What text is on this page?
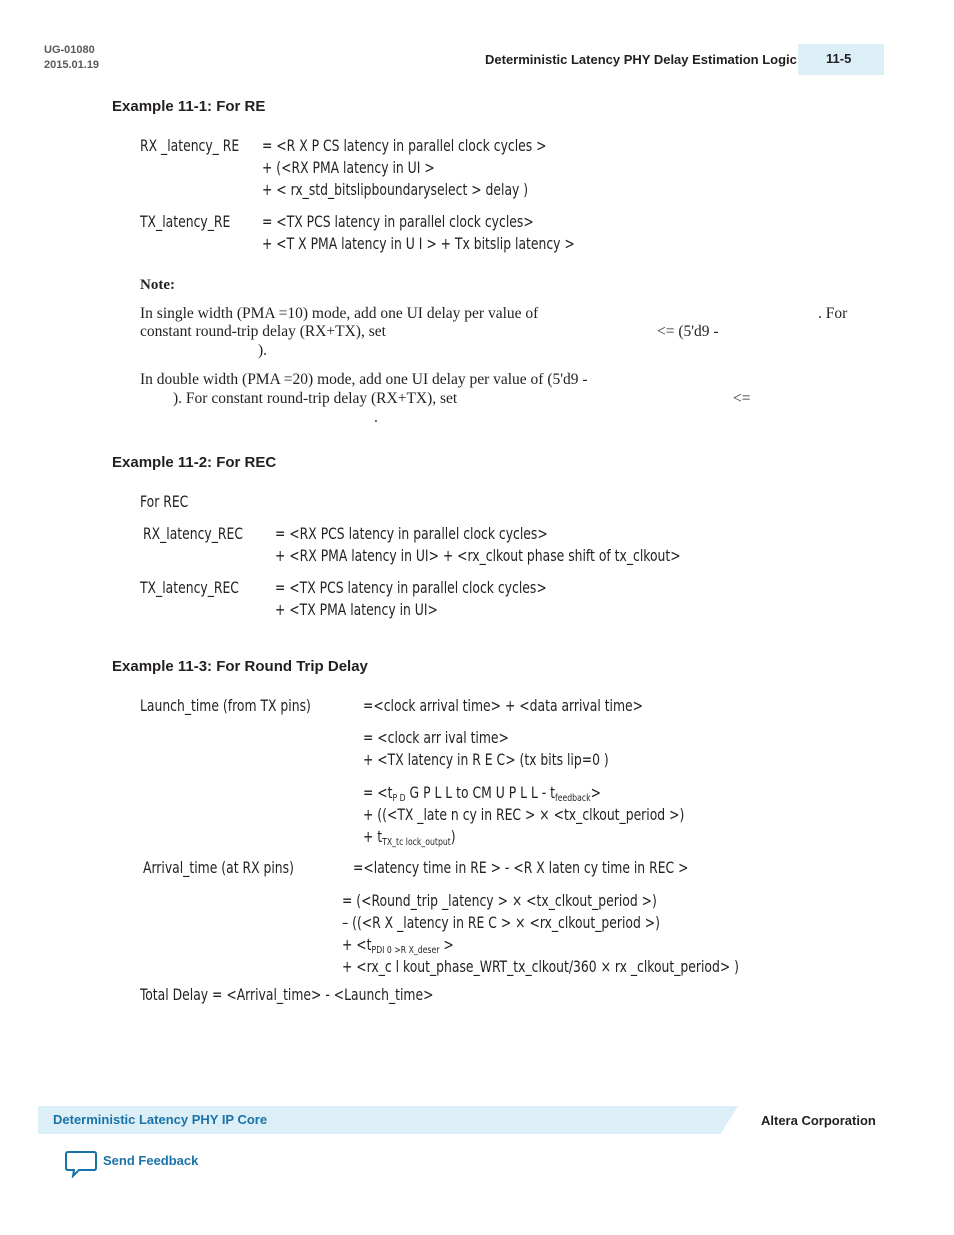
UG-01080
2015.01.19	Deterministic Latency PHY Delay Estimation Logic	11-5
Example 11-1: For RE
RX _latency_ RE = <R X P CS latency in parallel clock cycles >
+ (<RX PMA latency in UI >
+ < rx_std_bitslipboundaryselect > delay )
TX_latency_RE = <TX PCS latency in parallel clock cycles>
+ <T X PMA latency in U I > + Tx bitslip latency >
Note:
In single width (PMA =10) mode, add one UI delay per value of	. For
constant round-trip delay (RX+TX), set	<= (5'd9 -
).
In double width (PMA =20) mode, add one UI delay per value of (5'd9 -
). For constant round-trip delay (RX+TX), set	<=
.
Example 11-2: For REC
For REC
RX_latency_REC = <RX PCS latency in parallel clock cycles>
+ <RX PMA latency in UI> + <rx_clkout phase shift of tx_clkout>
TX_latency_REC = <TX PCS latency in parallel clock cycles>
+ <TX PMA latency in UI>
Example 11-3: For Round Trip Delay
Launch_time (from TX pins)	=<clock arrival time> + <data arrival time>
= <clock arr ival time>
+ <TX latency in R E C> (tx bits lip=0 )
= $<t_{P D}$ G P L L to CM U P L $L - t_{feedback}>$
+ ((<TX _late n cy in REC > × <tx_clkout_period >)
+ $t_{TX\_tc lock\_output}$)
Arrival_time (at RX pins)	=<latency time in RE > - <R X laten cy time in REC >
= (<Round_trip _latency > × <tx_clkout_period >)
– ((<R X _latency in RE C > × <rx_clkout_period >)
+ $<t_{PDI 0 >R X\_deser}$ >
+ <rx_c l kout_phase_WRT_tx_clkout/360 × rx _clkout_period> )
Total Delay = <Arrival_time> - <Launch_time>
Deterministic Latency PHY IP Core	Altera Corporation
Send Feedback
